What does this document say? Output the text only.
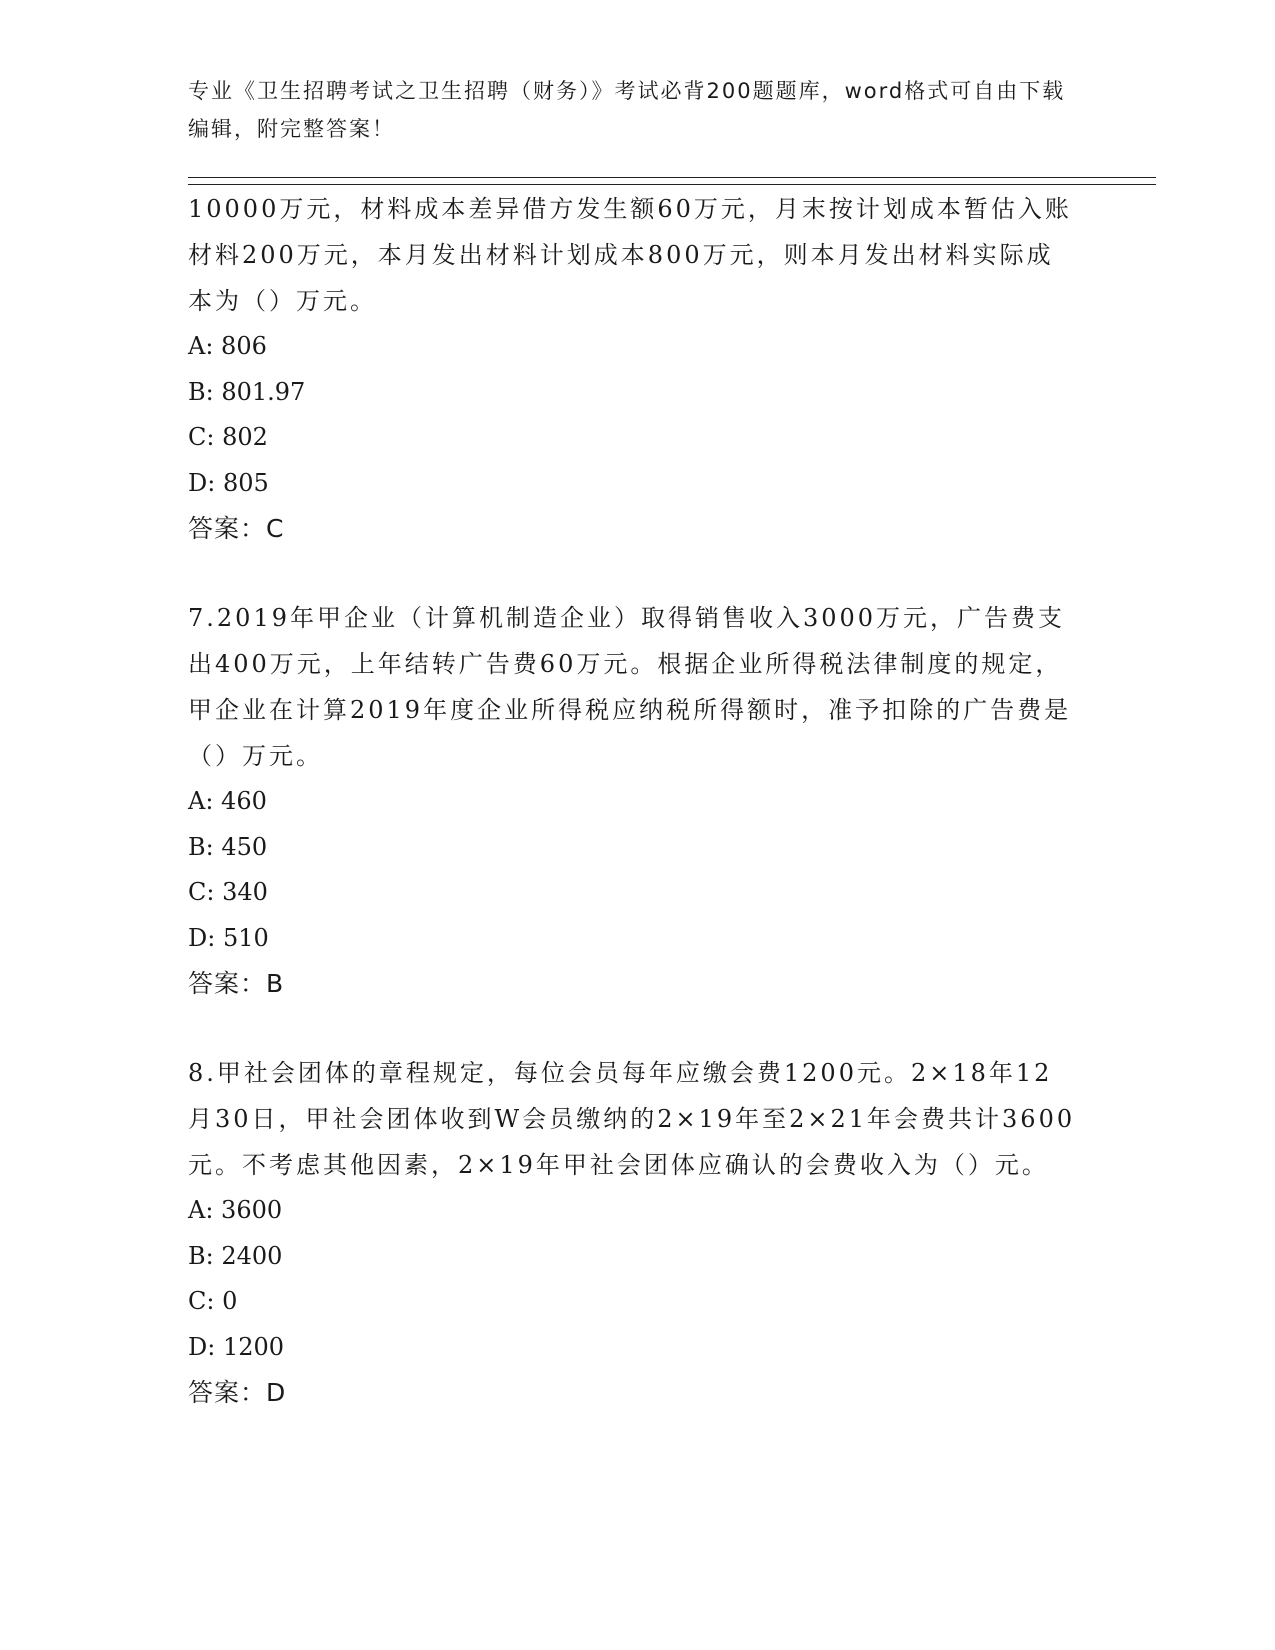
专业《卫生招聘考试之卫生招聘（财务）》考试必背200题题库，word格式可自由下载编辑，附完整答案！

10000万元，材料成本差异借方发生额60万元，月末按计划成本暂估入账材料200万元，本月发出材料计划成本800万元，则本月发出材料实际成本为（）万元。

A: 806

B: 801.97

C: 802

D: 805

答案：C

7.2019年甲企业（计算机制造企业）取得销售收入3000万元，广告费支出400万元，上年结转广告费60万元。根据企业所得税法律制度的规定，甲企业在计算2019年度企业所得税应纳税所得额时，准予扣除的广告费是（）万元。

A: 460

B: 450

C: 340

D: 510

答案：B

8.甲社会团体的章程规定，每位会员每年应缴会费1200元。2×18年12月30日，甲社会团体收到W会员缴纳的2×19年至2×21年会费共计3600元。不考虑其他因素，2×19年甲社会团体应确认的会费收入为（）元。

A: 3600

B: 2400

C: 0

D: 1200

答案：D
